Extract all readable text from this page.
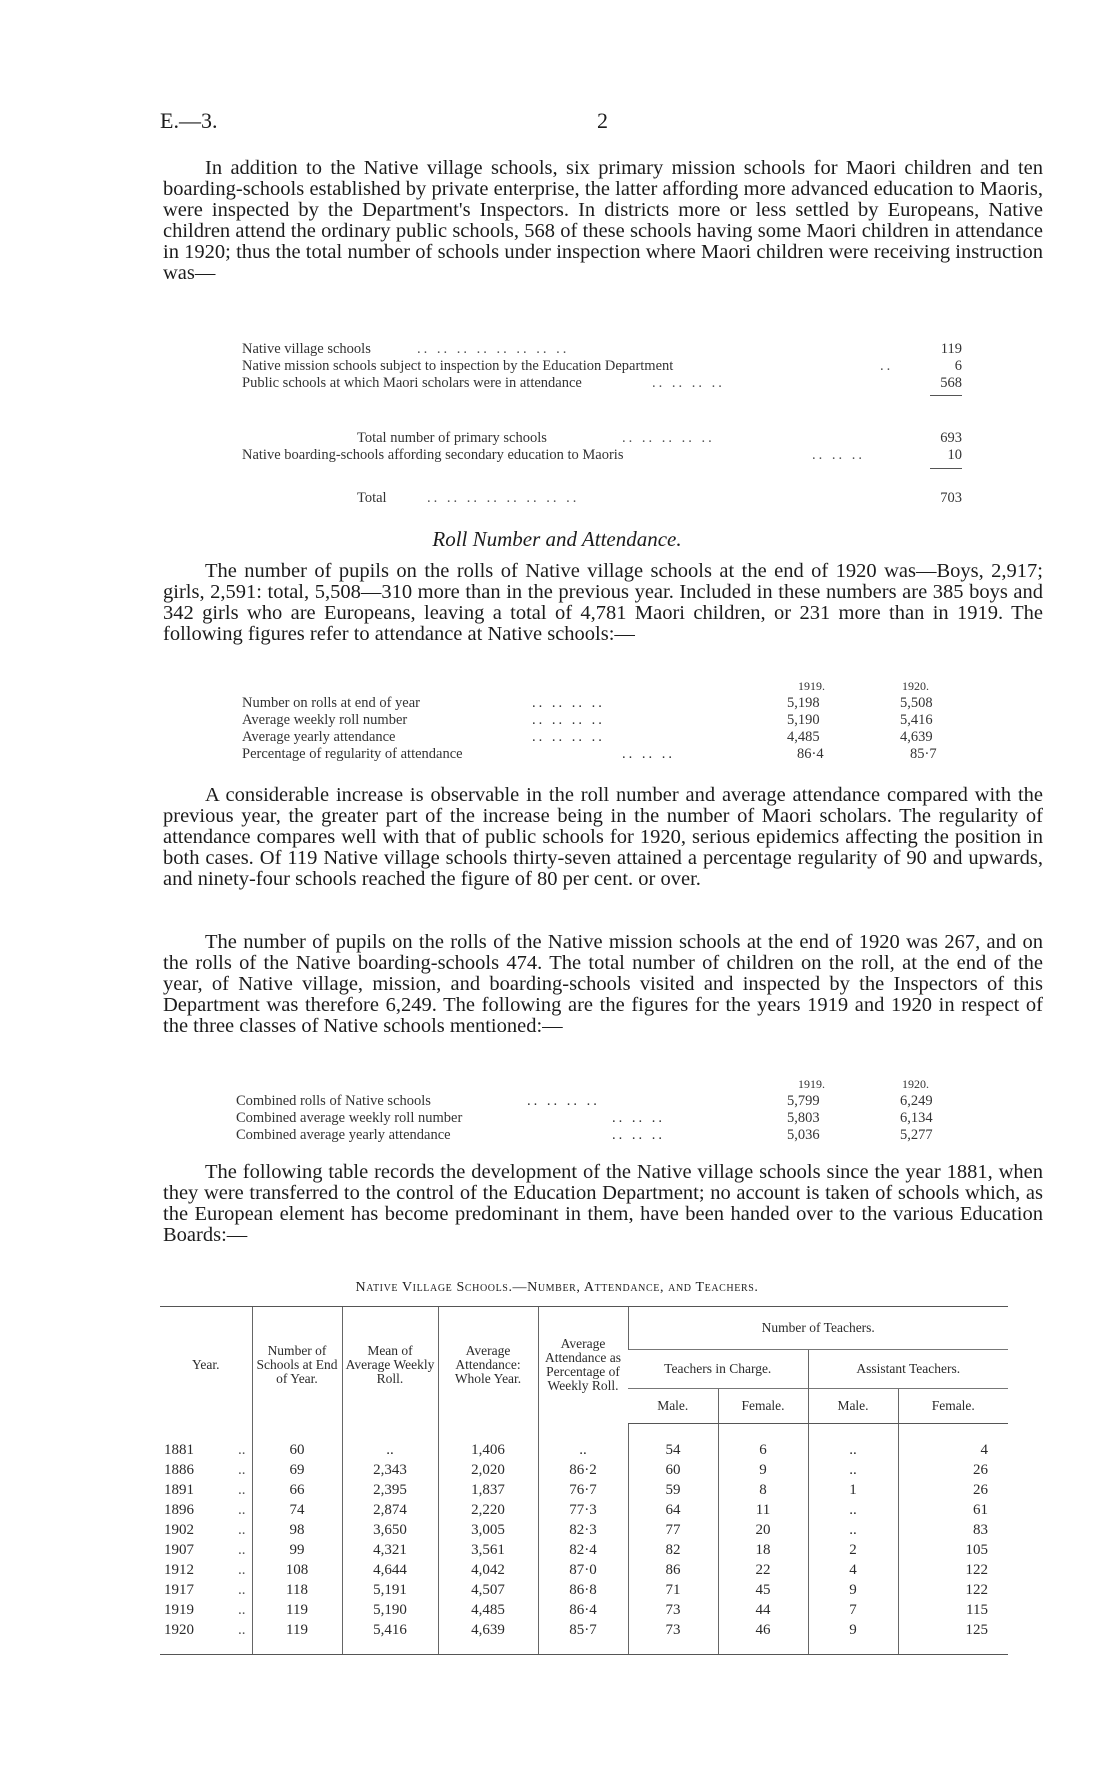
E.—3.	2

In addition to the Native village schools, six primary mission schools for Maori children and ten boarding-schools established by private enterprise, the latter affording more advanced education to Maoris, were inspected by the Department's Inspectors. In districts more or less settled by Europeans, Native children attend the ordinary public schools, 568 of these schools having some Maori children in attendance in 1920; thus the total number of schools under inspection where Maori children were receiving instruction was—

Native village schools	.. .. .. .. .. .. .. ..	119
Native mission schools subject to inspection by the Education Department	..	6
Public schools at which Maori scholars were in attendance	.. .. .. ..	568
Total number of primary schools	.. .. .. .. ..	693
Native boarding-schools affording secondary education to Maoris	.. .. ..	10
Total	.. .. .. .. .. .. .. ..	703
Roll Number and Attendance.

The number of pupils on the rolls of Native village schools at the end of 1920 was—Boys, 2,917; girls, 2,591: total, 5,508—310 more than in the previous year. Included in these numbers are 385 boys and 342 girls who are Europeans, leaving a total of 4,781 Maori children, or 231 more than in 1919. The following figures refer to attendance at Native schools:—

1919.	1920.
Number on rolls at end of year	.. .. .. ..	5,198	5,508
Average weekly roll number	.. .. .. ..	5,190	5,416
Average yearly attendance	.. .. .. ..	4,485	4,639
Percentage of regularity of attendance	.. .. ..	86·4	85·7

A considerable increase is observable in the roll number and average attendance compared with the previous year, the greater part of the increase being in the number of Maori scholars. The regularity of attendance compares well with that of public schools for 1920, serious epidemics affecting the position in both cases. Of 119 Native village schools thirty-seven attained a percentage regularity of 90 and upwards, and ninety-four schools reached the figure of 80 per cent. or over.

The number of pupils on the rolls of the Native mission schools at the end of 1920 was 267, and on the rolls of the Native boarding-schools 474. The total number of children on the roll, at the end of the year, of Native village, mission, and boarding-schools visited and inspected by the Inspectors of this Department was therefore 6,249. The following are the figures for the years 1919 and 1920 in respect of the three classes of Native schools mentioned:—

1919.	1920.
Combined rolls of Native schools	.. .. .. ..	5,799	6,249
Combined average weekly roll number	.. .. ..	5,803	6,134
Combined average yearly attendance	.. .. ..	5,036	5,277

The following table records the development of the Native village schools since the year 1881, when they were transferred to the control of the Education Department; no account is taken of schools which, as the European element has become predominant in them, have been handed over to the various Education Boards:—

Native Village Schools.—Number, Attendance, and Teachers.
Year.	Number of Schools at End of Year.	Mean of Average Weekly Roll.	Average Attendance: Whole Year.	Average Attendance as Percentage of Weekly Roll.	Number of Teachers.			
					Teachers in Charge.		Assistant Teachers.	
					Male.	Female.	Male.	Female.
1881 ..	60	..	1,406	..	54	6	..	4
1886 ..	69	2,343	2,020	86·2	60	9	..	26
1891 ..	66	2,395	1,837	76·7	59	8	1	26
1896 ..	74	2,874	2,220	77·3	64	11	..	61
1902 ..	98	3,650	3,005	82·3	77	20	..	83
1907 ..	99	4,321	3,561	82·4	82	18	2	105
1912 ..	108	4,644	4,042	87·0	86	22	4	122
1917 ..	118	5,191	4,507	86·8	71	45	9	122
1919 ..	119	5,190	4,485	86·4	73	44	7	115
1920 ..	119	5,416	4,639	85·7	73	46	9	125
